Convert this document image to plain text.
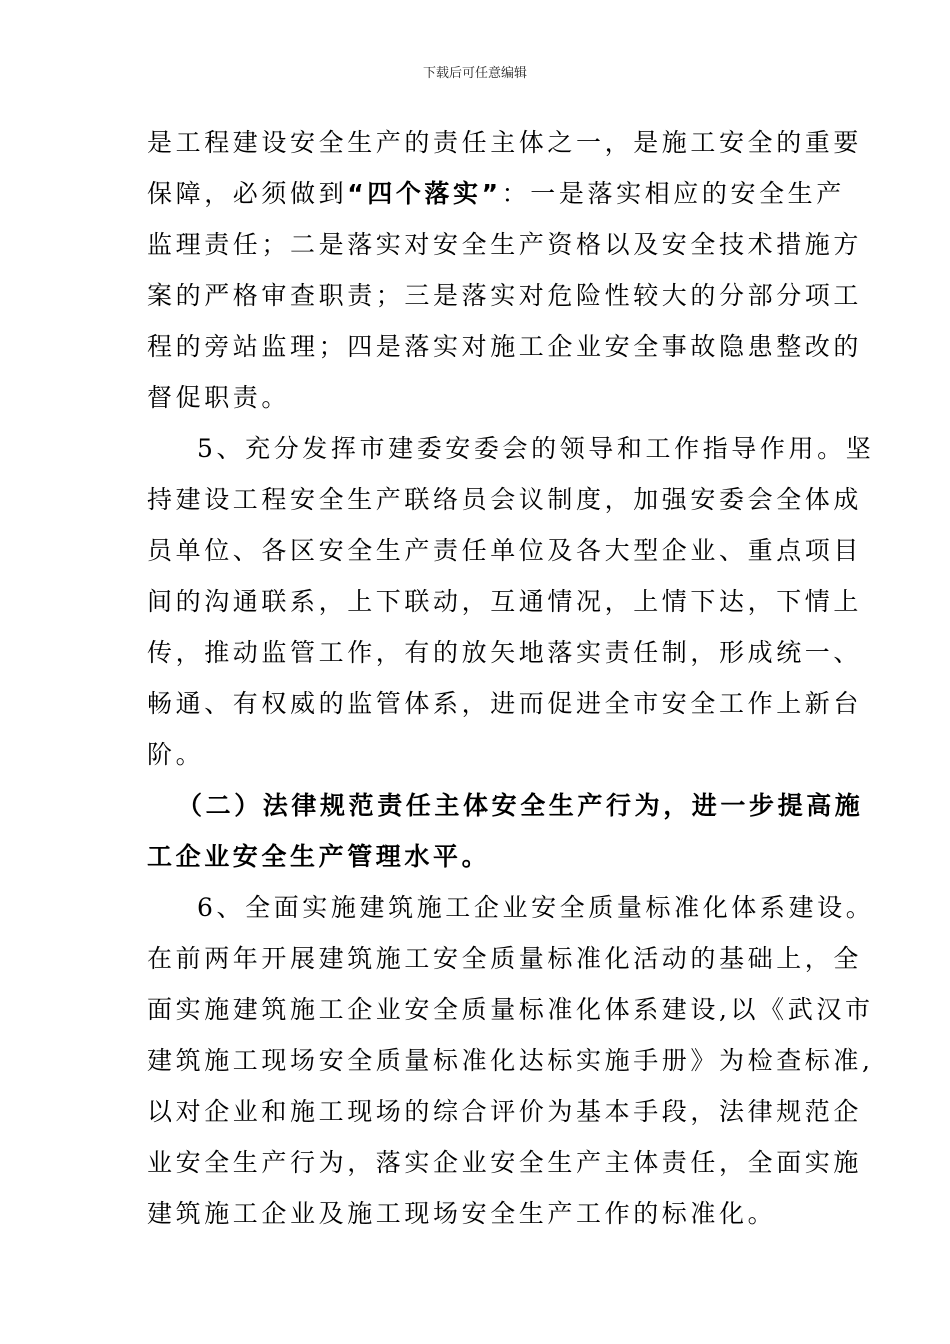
下载后可任意编辑
是工程建设安全生产的责任主体之一，是施工安全的重要
保障，必须做到“四个落实”：一是落实相应的安全生产
监理责任；二是落实对安全生产资格以及安全技术措施方
案的严格审查职责；三是落实对危险性较大的分部分项工
程的旁站监理；四是落实对施工企业安全事故隐患整改的
督促职责。
5、充分发挥市建委安委会的领导和工作指导作用。坚
持建设工程安全生产联络员会议制度，加强安委会全体成
员单位、各区安全生产责任单位及各大型企业、重点项目
间的沟通联系，上下联动，互通情况，上情下达，下情上
传，推动监管工作，有的放矢地落实责任制，形成统一、
畅通、有权威的监管体系，进而促进全市安全工作上新台
阶。
（二）法律规范责任主体安全生产行为，进一步提高施
工企业安全生产管理水平。
6、全面实施建筑施工企业安全质量标准化体系建设。
在前两年开展建筑施工安全质量标准化活动的基础上，全
面实施建筑施工企业安全质量标准化体系建设,以《武汉市
建筑施工现场安全质量标准化达标实施手册》为检查标准,
以对企业和施工现场的综合评价为基本手段，法律规范企
业安全生产行为，落实企业安全生产主体责任，全面实施
建筑施工企业及施工现场安全生产工作的标准化。
